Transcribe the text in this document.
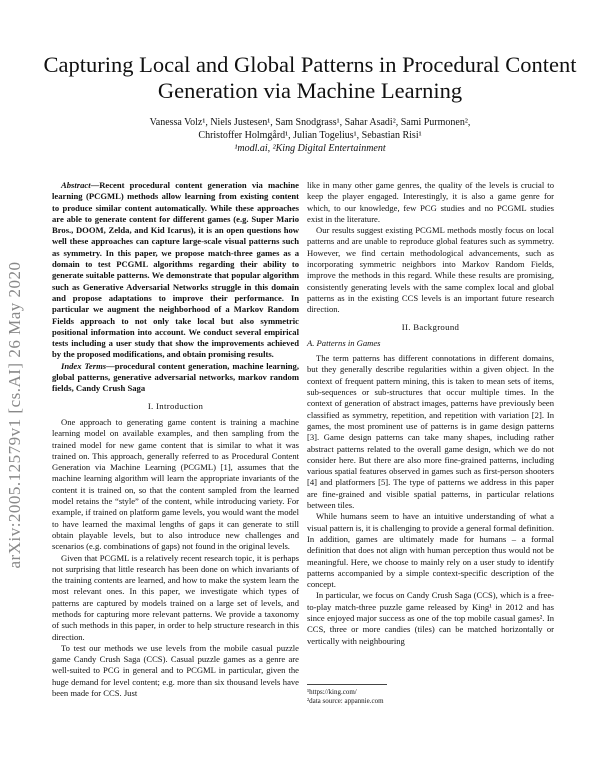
arXiv:2005.12579v1 [cs.AI] 26 May 2020
Capturing Local and Global Patterns in Procedural Content Generation via Machine Learning
Vanessa Volz¹, Niels Justesen¹, Sam Snodgrass¹, Sahar Asadi², Sami Purmonen²,
Christoffer Holmgård¹, Julian Togelius¹, Sebastian Risi¹
¹modl.ai, ²King Digital Entertainment

Abstract—Recent procedural content generation via machine learning (PCGML) methods allow learning from existing content to produce similar content automatically. While these approaches are able to generate content for different games (e.g. Super Mario Bros., DOOM, Zelda, and Kid Icarus), it is an open questions how well these approaches can capture large-scale visual patterns such as symmetry. In this paper, we propose match-three games as a domain to test PCGML algorithms regarding their ability to generate suitable patterns. We demonstrate that popular algorithm such as Generative Adversarial Networks struggle in this domain and propose adaptations to improve their performance. In particular we augment the neighborhood of a Markov Random Fields approach to not only take local but also symmetric positional information into account. We conduct several empirical tests including a user study that show the improvements achieved by the proposed modifications, and obtain promising results.

Index Terms—procedural content generation, machine learning, global patterns, generative adversarial networks, markov random fields, Candy Crush Saga

I. Introduction

One approach to generating game content is training a machine learning model on available examples, and then sampling from the trained model for new game content that is similar to what it was trained on. This approach, generally referred to as Procedural Content Generation via Machine Learning (PCGML) [1], assumes that the machine learning algorithm will learn the appropriate invariants of the content it is trained on, so that the content sampled from the learned model retains the “style” of the content, while introducing variety. For example, if trained on platform game levels, you would want the model to have learned the maximal lengths of gaps it can generate to still obtain playable levels, but to also introduce new challenges and scenarios (e.g. combinations of gaps) not found in the original levels.

Given that PCGML is a relatively recent research topic, it is perhaps not surprising that little research has been done on which invariants of the training contents are learned, and how to make the system learn the most relevant ones. In this paper, we investigate which types of patterns are captured by models trained on a large set of levels, and methods for capturing more relevant patterns. We provide a taxonomy of such methods in this paper, in order to help structure research in this direction.

To test our methods we use levels from the mobile casual puzzle game Candy Crush Saga (CCS). Casual puzzle games as a genre are well-suited to PCG in general and to PCGML in particular, given the huge demand for level content; e.g. more than six thousand levels have been made for CCS. Just

like in many other game genres, the quality of the levels is crucial to keep the player engaged. Interestingly, it is also a game genre for which, to our knowledge, few PCG studies and no PCGML studies exist in the literature.

Our results suggest existing PCGML methods mostly focus on local patterns and are unable to reproduce global features such as symmetry. However, we find certain methodological advancements, such as incorporating symmetric neighbors into Markov Random Fields, improve the methods in this regard. While these results are promising, consistently generating levels with the same complex local and global patterns as in the existing CCS levels is an important future research direction.

II. Background
A. Patterns in Games

The term patterns has different connotations in different domains, but they generally describe regularities within a given object. In the context of frequent pattern mining, this is taken to mean sets of items, sub-sequences or sub-structures that occur multiple times. In the context of generation of abstract images, patterns have previously been classified as symmetry, repetition, and repetition with variation [2]. In games, the most prominent use of patterns is in game design patterns [3]. Game design patterns can take many shapes, including rather abstract patterns related to the overall game design, which we do not consider here. But there are also more fine-grained patterns, including various spatial features observed in games such as first-person shooters [4] and platformers [5]. The type of patterns we address in this paper are fine-grained and visible spatial patterns, in particular relations between tiles.

While humans seem to have an intuitive understanding of what a visual pattern is, it is challenging to provide a general formal definition. In addition, games are ultimately made for humans – a formal definition that does not align with human perception thus would not be meaningful. Here, we choose to mainly rely on a user study to identify patterns accompanied by a simple context-specific description of the concept.

In particular, we focus on Candy Crush Saga (CCS), which is a free-to-play match-three puzzle game released by King¹ in 2012 and has since enjoyed major success as one of the top mobile casual games². In CCS, three or more candies (tiles) can be matched horizontally or vertically with neighbouring

¹https://king.com/
²data source: appannie.com
